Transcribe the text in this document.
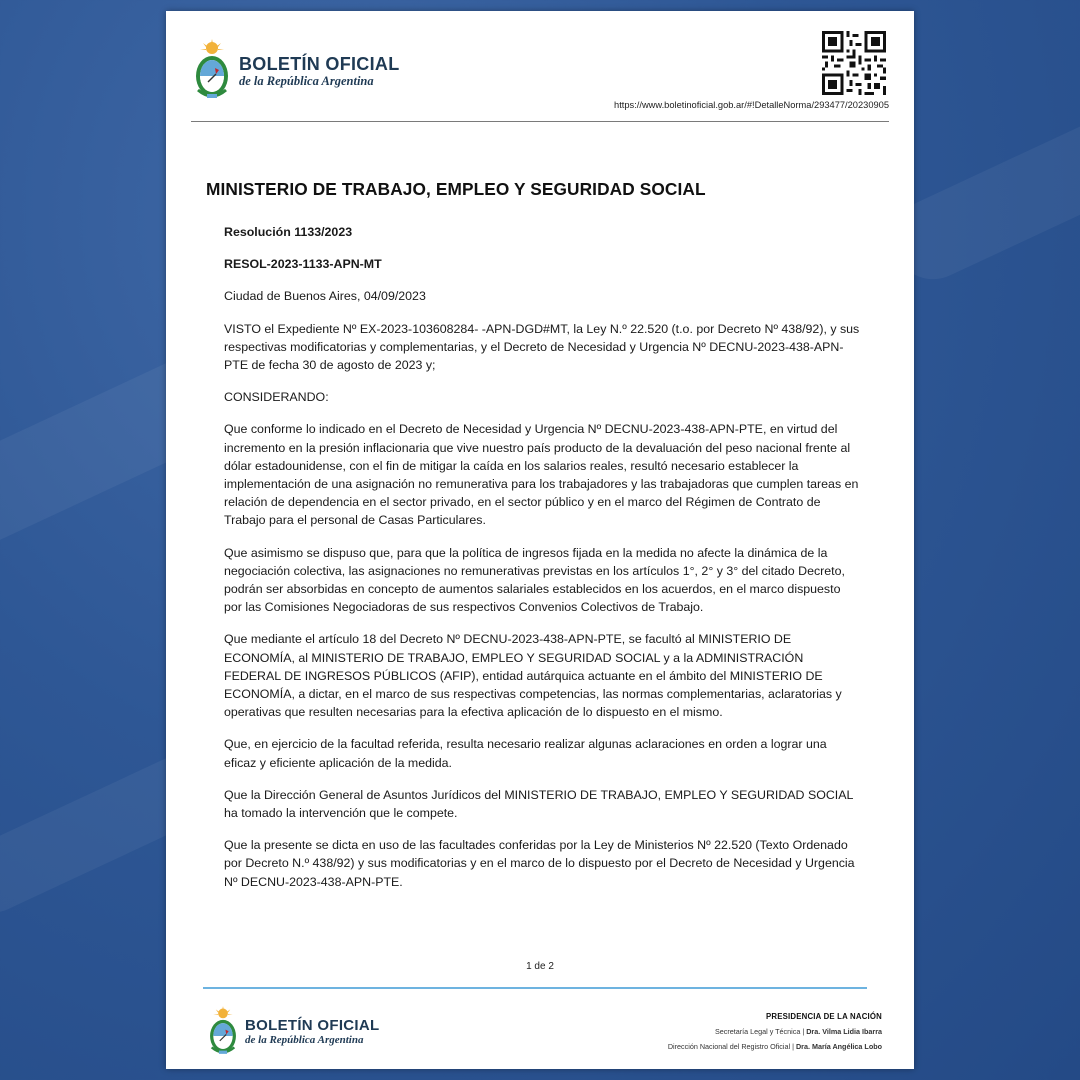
BOLETÍN OFICIAL
de la República Argentina
https://www.boletinoficial.gob.ar/#!DetalleNorma/293477/20230905
MINISTERIO DE TRABAJO, EMPLEO Y SEGURIDAD SOCIAL

Resolución 1133/2023

RESOL-2023-1133-APN-MT

Ciudad de Buenos Aires, 04/09/2023

VISTO el Expediente Nº EX-2023-103608284- -APN-DGD#MT, la Ley N.º 22.520 (t.o. por Decreto Nº 438/92), y sus respectivas modificatorias y complementarias, y el Decreto de Necesidad y Urgencia Nº DECNU-2023-438-APN-PTE de fecha 30 de agosto de 2023 y;

CONSIDERANDO:

Que conforme lo indicado en el Decreto de Necesidad y Urgencia Nº DECNU-2023-438-APN-PTE, en virtud del incremento en la presión inflacionaria que vive nuestro país producto de la devaluación del peso nacional frente al dólar estadounidense, con el fin de mitigar la caída en los salarios reales, resultó necesario establecer la implementación de una asignación no remunerativa para los trabajadores y las trabajadoras que cumplen tareas en relación de dependencia en el sector privado, en el sector público y en el marco del Régimen de Contrato de Trabajo para el personal de Casas Particulares.

Que asimismo se dispuso que, para que la política de ingresos fijada en la medida no afecte la dinámica de la negociación colectiva, las asignaciones no remunerativas previstas en los artículos 1°, 2° y 3° del citado Decreto, podrán ser absorbidas en concepto de aumentos salariales establecidos en los acuerdos, en el marco dispuesto por las Comisiones Negociadoras de sus respectivos Convenios Colectivos de Trabajo.

Que mediante el artículo 18 del Decreto Nº DECNU-2023-438-APN-PTE, se facultó al MINISTERIO DE ECONOMÍA, al MINISTERIO DE TRABAJO, EMPLEO Y SEGURIDAD SOCIAL y a la ADMINISTRACIÓN FEDERAL DE INGRESOS PÚBLICOS (AFIP), entidad autárquica actuante en el ámbito del MINISTERIO DE ECONOMÍA, a dictar, en el marco de sus respectivas competencias, las normas complementarias, aclaratorias y operativas que resulten necesarias para la efectiva aplicación de lo dispuesto en el mismo.

Que, en ejercicio de la facultad referida, resulta necesario realizar algunas aclaraciones en orden a lograr una eficaz y eficiente aplicación de la medida.

Que la Dirección General de Asuntos Jurídicos del MINISTERIO DE TRABAJO, EMPLEO Y SEGURIDAD SOCIAL ha tomado la intervención que le compete.

Que la presente se dicta en uso de las facultades conferidas por la Ley de Ministerios Nº 22.520 (Texto Ordenado por Decreto N.º 438/92) y sus modificatorias y en el marco de lo dispuesto por el Decreto de Necesidad y Urgencia Nº DECNU-2023-438-APN-PTE.

1 de 2
BOLETÍN OFICIAL
de la República Argentina
PRESIDENCIA DE LA NACIÓN
Secretaría Legal y Técnica | Dra. Vilma Lidia Ibarra
Dirección Nacional del Registro Oficial | Dra. María Angélica Lobo
